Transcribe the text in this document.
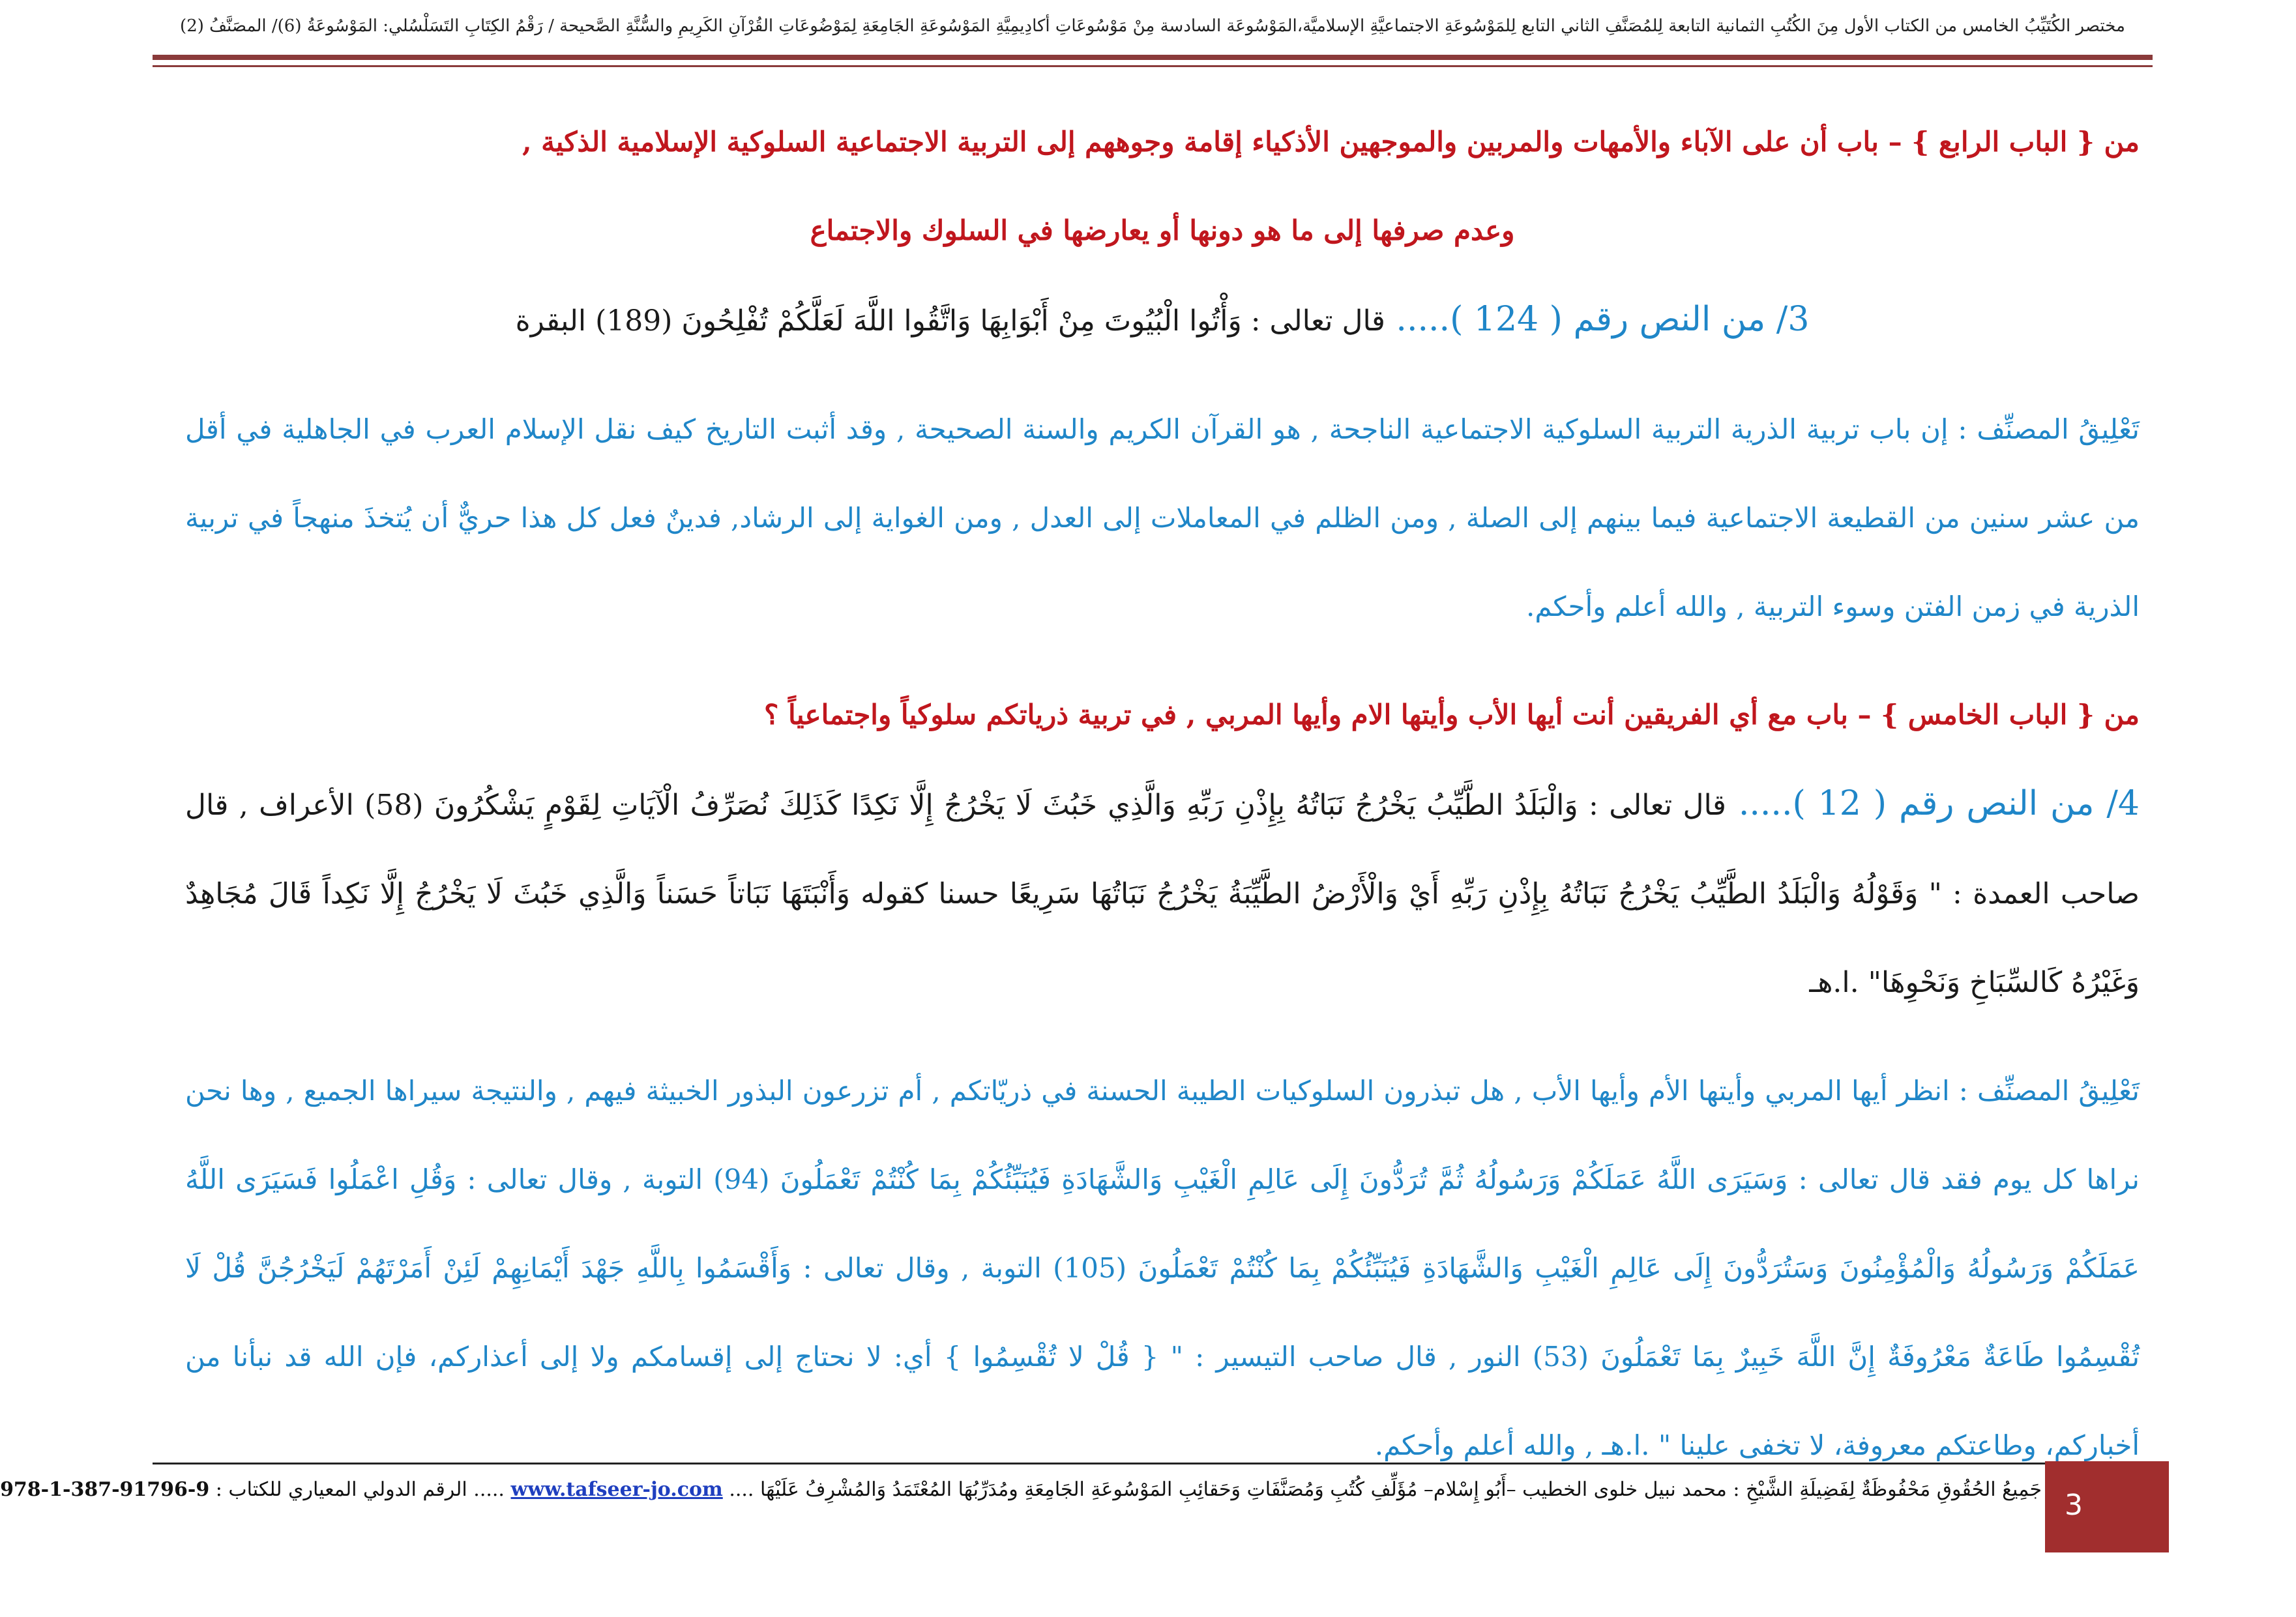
مختصر الكُتَيِّبُ الخامس من الكتاب الأول مِنَ الكُتُبِ الثمانية التابعة لِلمُصَنَّفِ الثاني التابع لِلمَوْسُوعَةِ الاجتماعيَّةِ الإسلاميَّة،المَوْسُوعَة السادسة مِنْ مَوْسُوعَاتِ أكادِيمِيَّةِ المَوْسُوعَةِ الجَامِعَةِ لِمَوْضُوعَاتِ القُرْآنِ الكَرِيمِ والسُّنَّةِ الصَّحيحة / رَقْمُ الكِتَابِ التَسَلْسُلي: المَوْسُوعَةُ (6)/ المصَنَّفُ (2)

من { الباب الرابع } – باب أن على الآباء والأمهات والمربين والموجهين الأذكياء إقامة وجوههم إلى التربية الاجتماعية السلوكية الإسلامية الذكية ,

وعدم صرفها إلى ما هو دونها أو يعارضها في السلوك والاجتماع

3/ من النص رقم ( 124 )..... قال تعالى : وَأْتُوا الْبُيُوتَ مِنْ أَبْوَابِهَا وَاتَّقُوا اللَّهَ لَعَلَّكُمْ تُفْلِحُونَ (189) البقرة

تَعْلِيقُ المصنِّف : إن باب تربية الذرية التربية السلوكية الاجتماعية الناجحة , هو القرآن الكريم والسنة الصحيحة , وقد أثبت التاريخ كيف نقل الإسلام العرب في الجاهلية في أقل من عشر سنين من القطيعة الاجتماعية فيما بينهم إلى الصلة , ومن الظلم في المعاملات إلى العدل , ومن الغواية إلى الرشاد, فدينٌ فعل كل هذا حريٌّ أن يُتخذَ منهجاً في تربية الذرية في زمن الفتن وسوء التربية , والله أعلم وأحكم.

من { الباب الخامس } – باب مع أي الفريقين أنت أيها الأب وأيتها الام وأيها المربي , في تربية ذرياتكم سلوكياً واجتماعياً ؟

4/ من النص رقم ( 12 )..... قال تعالى : وَالْبَلَدُ الطَّيِّبُ يَخْرُجُ نَبَاتُهُ بِإِذْنِ رَبِّهِ وَالَّذِي خَبُثَ لَا يَخْرُجُ إِلَّا نَكِدًا كَذَلِكَ نُصَرِّفُ الْآيَاتِ لِقَوْمٍ يَشْكُرُونَ (58) الأعراف , قال صاحب العمدة : " وَقَوْلُهُ وَالْبَلَدُ الطَّيِّبُ يَخْرُجُ نَبَاتُهُ بِإِذْنِ رَبِّهِ أَيْ وَالْأَرْضُ الطَّيِّبَةُ يَخْرُجُ نَبَاتُهَا سَرِيعًا حسنا كقوله وَأَنْبَتَهَا نَبَاتاً حَسَناً وَالَّذِي خَبُثَ لَا يَخْرُجُ إِلَّا نَكِداً قَالَ مُجَاهِدٌ وَغَيْرُهُ كَالسِّبَاخِ وَنَحْوِهَا" .ا.هـ

تَعْلِيقُ المصنِّف : انظر أيها المربي وأيتها الأم وأيها الأب , هل تبذرون السلوكيات الطيبة الحسنة في ذريّاتكم , أم تزرعون البذور الخبيثة فيهم , والنتيجة سيراها الجميع , وها نحن نراها كل يوم فقد قال تعالى : وَسَيَرَى اللَّهُ عَمَلَكُمْ وَرَسُولُهُ ثُمَّ تُرَدُّونَ إِلَى عَالِمِ الْغَيْبِ وَالشَّهَادَةِ فَيُنَبِّئُكُمْ بِمَا كُنْتُمْ تَعْمَلُونَ (94) التوبة , وقال تعالى : وَقُلِ اعْمَلُوا فَسَيَرَى اللَّهُ عَمَلَكُمْ وَرَسُولُهُ وَالْمُؤْمِنُونَ وَسَتُرَدُّونَ إِلَى عَالِمِ الْغَيْبِ وَالشَّهَادَةِ فَيُنَبِّئُكُمْ بِمَا كُنْتُمْ تَعْمَلُونَ (105) التوبة , وقال تعالى : وَأَقْسَمُوا بِاللَّهِ جَهْدَ أَيْمَانِهِمْ لَئِنْ أَمَرْتَهُمْ لَيَخْرُجُنَّ قُلْ لَا تُقْسِمُوا طَاعَةٌ مَعْرُوفَةٌ إِنَّ اللَّهَ خَبِيرٌ بِمَا تَعْمَلُونَ (53) النور , قال صاحب التيسير : " { قُلْ لا تُقْسِمُوا } أي: لا نحتاج إلى إقسامكم ولا إلى أعذاركم، فإن الله قد نبأنا من أخباركم، وطاعتكم معروفة، لا تخفى علينا " .ا.هـ , والله أعلم وأحكم.

جَمِيعُ الحُقُوقِ مَحْفُوظَةٌ لِفَضِيلَةِ الشَّيْخِ : محمد نبيل خلوى الخطيب –أَبُو إِسْلام– مُؤَلِّفِ كُتُبِ وَمُصَنَّفَاتِ وَحَقائِبِ المَوْسُوعَةِ الجَامِعَةِ ومُدَرِّبُهَا المُعْتَمَدُ وَالمُشْرِفُ عَلَيْهَا .... www.tafseer-jo.com ..... الرقم الدولي المعياري للكتاب : 978-1-387-91796-9	3
